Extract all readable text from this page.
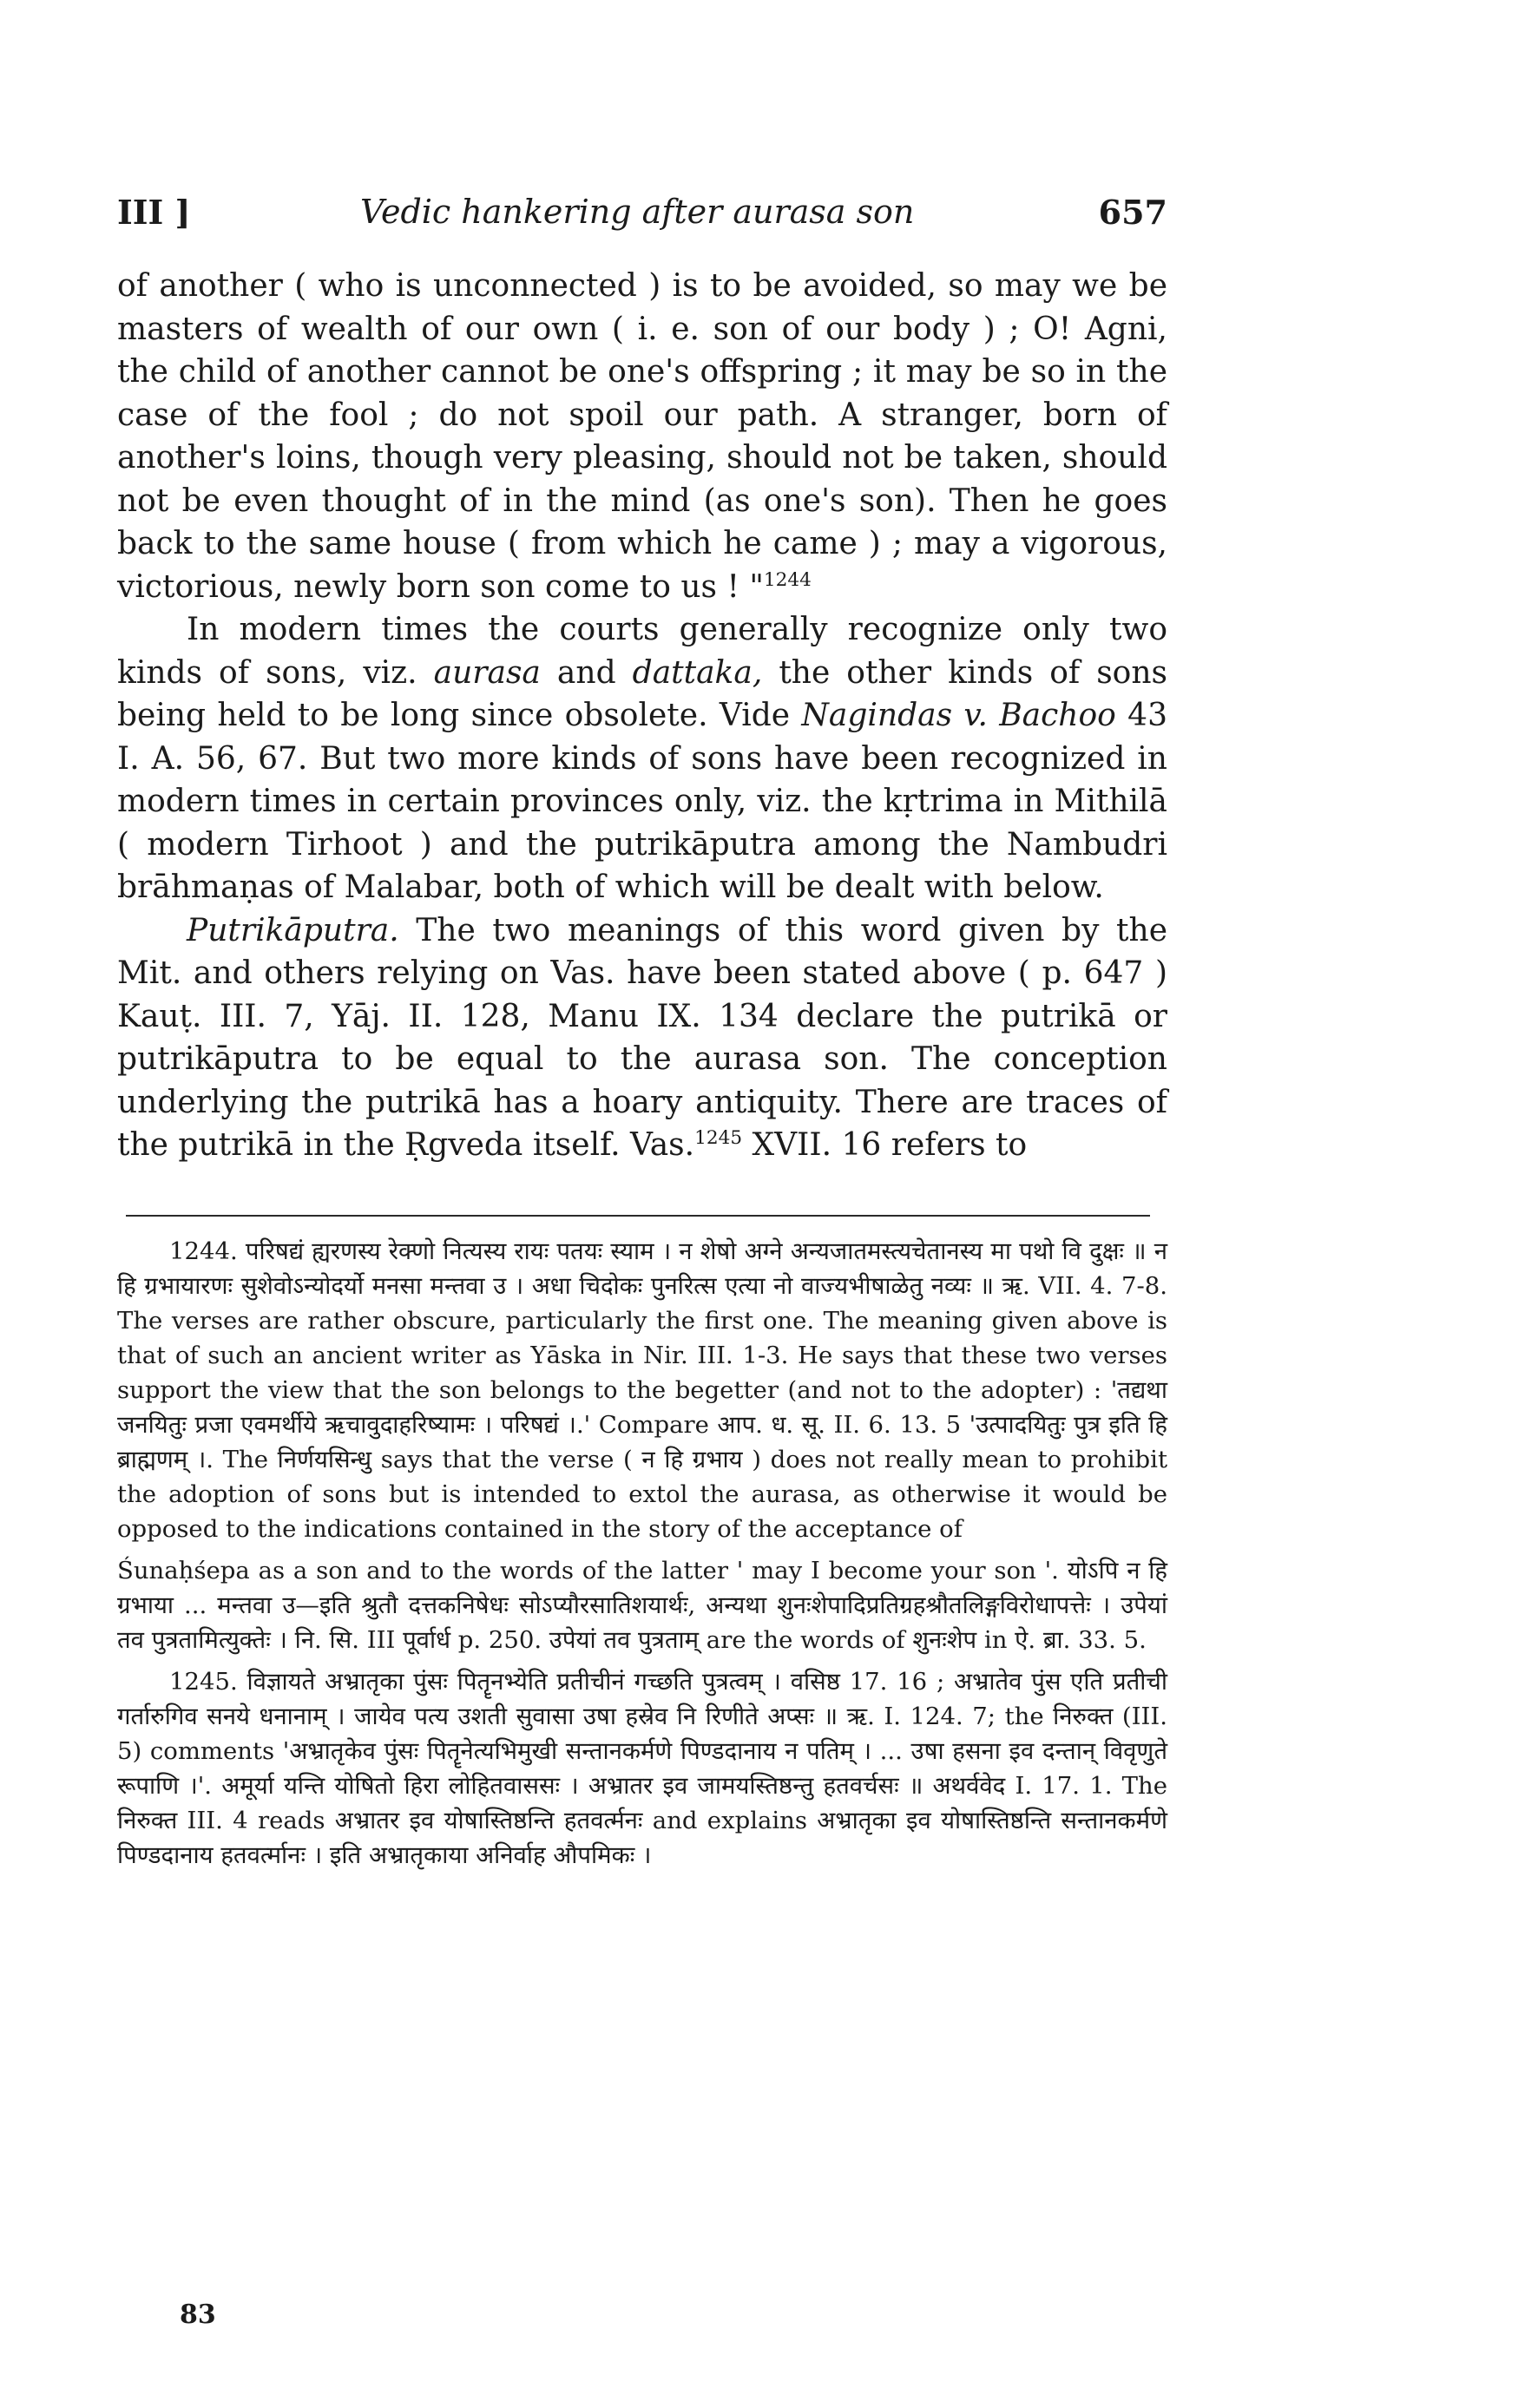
III ]	Vedic hankering after aurasa son	657

of another ( who is unconnected ) is to be avoided, so may we be masters of wealth of our own ( i. e. son of our body ) ; O! Agni, the child of another cannot be one's offspring ; it may be so in the case of the fool ; do not spoil our path. A stranger, born of another's loins, though very pleasing, should not be taken, should not be even thought of in the mind (as one's son). Then he goes back to the same house ( from which he came ) ; may a vigorous, victorious, newly born son come to us ! "$^{1244}$

In modern times the courts generally recognize only two kinds of sons, viz. aurasa and dattaka, the other kinds of sons being held to be long since obsolete. Vide Nagindas v. Bachoo 43 I. A. 56, 67. But two more kinds of sons have been recognized in modern times in certain provinces only, viz. the kṛtrima in Mithilā ( modern Tirhoot ) and the putrikāputra among the Nambudri brāhmaṇas of Malabar, both of which will be dealt with below.

Putrikāputra. The two meanings of this word given by the Mit. and others relying on Vas. have been stated above ( p. 647 ) Kauṭ. III. 7, Yāj. II. 128, Manu IX. 134 declare the putrikā or putrikāputra to be equal to the aurasa son. The conception underlying the putrikā has a hoary antiquity. There are traces of the putrikā in the Ṛgveda itself. Vas.$^{1245}$ XVII. 16 refers to

1244. परिषद्यं ह्यरणस्य रेक्णो नित्यस्य रायः पतयः स्याम । न शेषो अग्ने अन्यजातमस्त्यचेतानस्य मा पथो वि दुक्षः ॥ न हि ग्रभायारणः सुशेवोऽन्योदर्यो मनसा मन्तवा उ । अधा चिदोकः पुनरित्स एत्या नो वाज्यभीषाळेतु नव्यः ॥ ऋ. VII. 4. 7-8. The verses are rather obscure, particularly the first one. The meaning given above is that of such an ancient writer as Yāska in Nir. III. 1-3. He says that these two verses support the view that the son belongs to the begetter (and not to the adopter) : 'तद्यथा जनयितुः प्रजा एवमर्थीये ऋचावुदाहरिष्यामः । परिषद्यं ।.' Compare आप. ध. सू. II. 6. 13. 5 'उत्पादयितुः पुत्र इति हि ब्राह्मणम् ।. The निर्णयसिन्धु says that the verse ( न हि ग्रभाय ) does not really mean to prohibit the adoption of sons but is intended to extol the aurasa, as otherwise it would be opposed to the indications contained in the story of the acceptance of

Śunaḥśepa as a son and to the words of the latter ' may I become your son '. योऽपि न हि ग्रभाया ... मन्तवा उ—इति श्रुतौ दत्तकनिषेधः सोऽप्यौरसातिशयार्थः, अन्यथा शुनःशेपादिप्रतिग्रहश्रौतलिङ्गविरोधापत्तेः । उपेयां तव पुत्रतामित्युक्तेः । नि. सि. III पूर्वार्ध p. 250. उपेयां तव पुत्रताम् are the words of शुनःशेप in ऐ. ब्रा. 33. 5.

1245. विज्ञायते अभ्रातृका पुंसः पितॄनभ्येति प्रतीचीनं गच्छति पुत्रत्वम् । वसिष्ठ 17. 16 ; अभ्रातेव पुंस एति प्रतीची गर्तारुगिव सनये धनानाम् । जायेव पत्य उशती सुवासा उषा हस्रेव नि रिणीते अप्सः ॥ ऋ. I. 124. 7; the निरुक्त (III. 5) comments 'अभ्रातृकेव पुंसः पितॄनेत्यभिमुखी सन्तानकर्मणे पिण्डदानाय न पतिम् । ... उषा हसना इव दन्तान् विवृणुते रूपाणि ।'. अमूर्या यन्ति योषितो हिरा लोहितवाससः । अभ्रातर इव जामयस्तिष्ठन्तु हतवर्चसः ॥ अथर्ववेद I. 17. 1. The निरुक्त III. 4 reads अभ्रातर इव योषास्तिष्ठन्ति हतवर्त्मनः and explains अभ्रातृका इव योषास्तिष्ठन्ति सन्तानकर्मणे पिण्डदानाय हतवर्त्मानः । इति अभ्रातृकाया अनिर्वाह औपमिकः ।

83
